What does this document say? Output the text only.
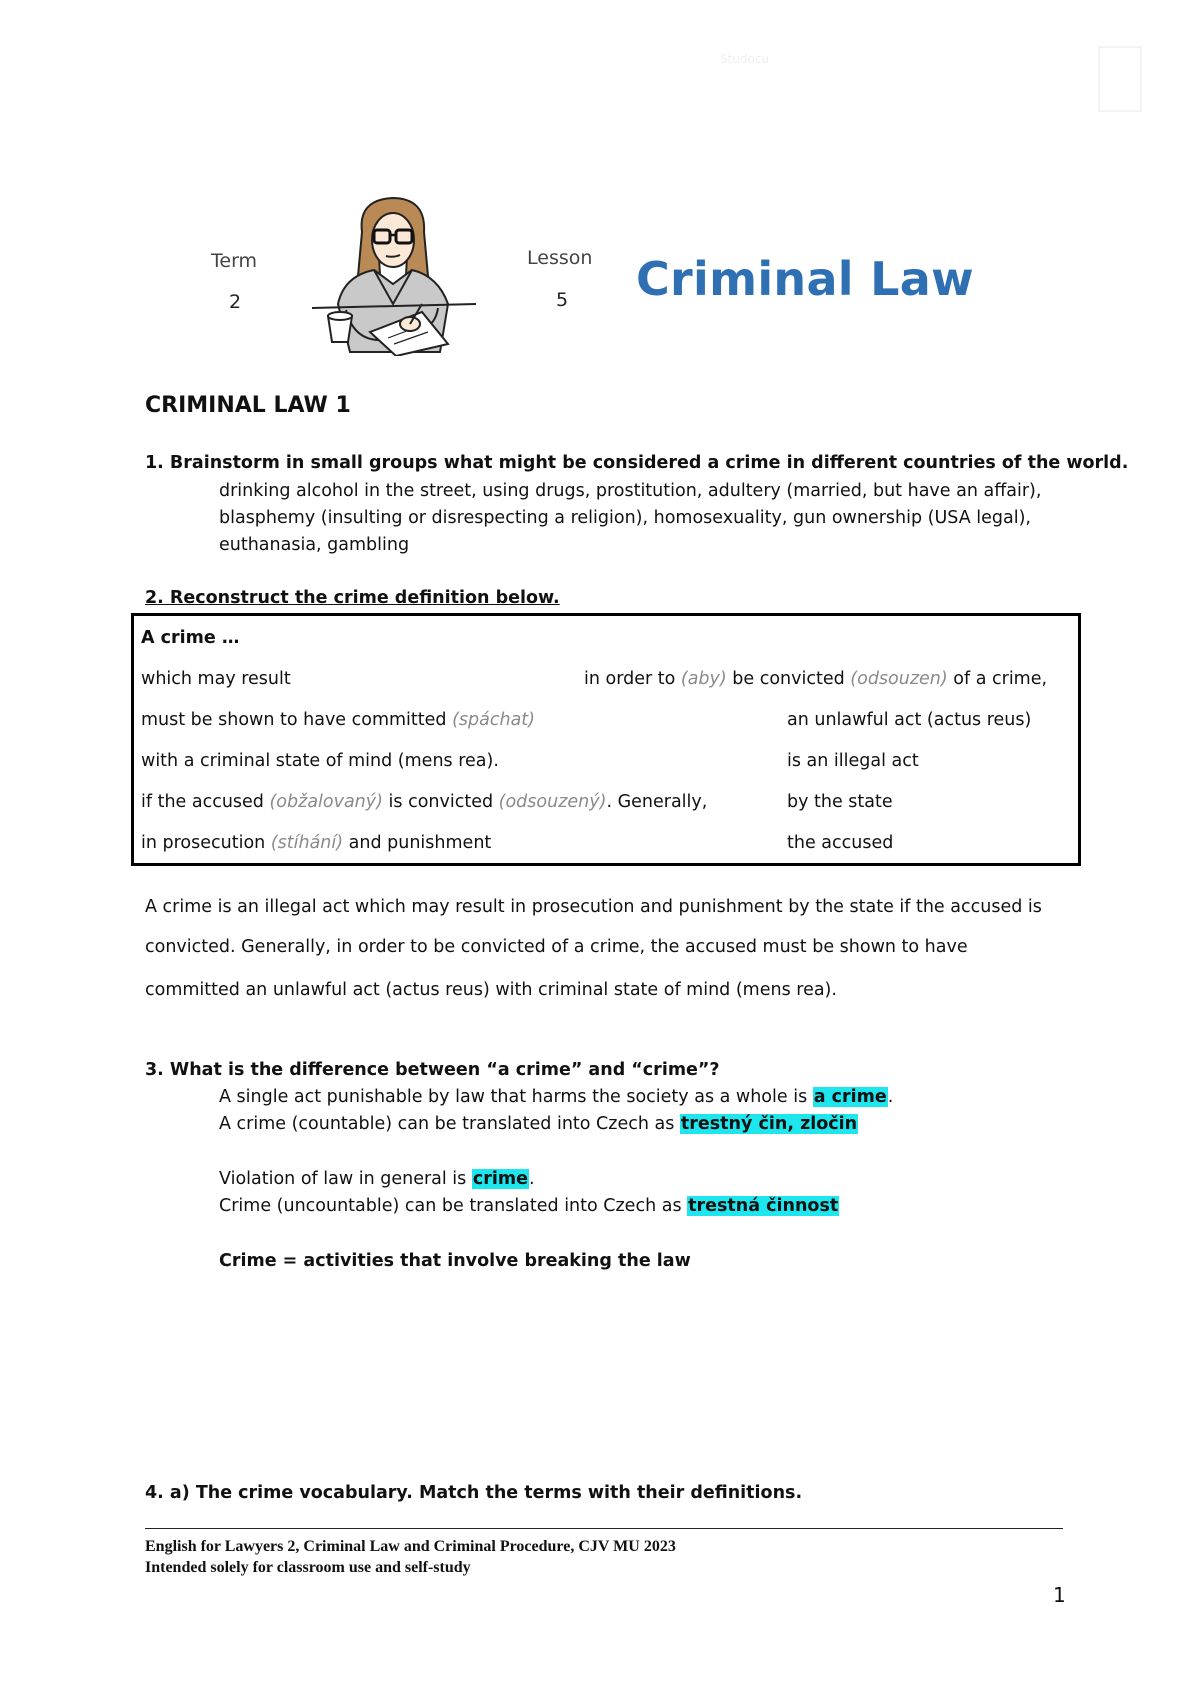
Studocu
Term
2
Lesson
5 Criminal Law
CRIMINAL LAW 1
1. Brainstorm in small groups what might be considered a crime in different countries of the world.
drinking alcohol in the street, using drugs, prostitution, adultery (married, but have an affair),
blasphemy (insulting or disrespecting a religion), homosexuality, gun ownership (USA legal),
euthanasia, gambling
2. Reconstruct the crime definition below.
A crime …
which may result	in order to (aby) be convicted (odsouzen) of a crime,
must be shown to have committed (spáchat)	an unlawful act (actus reus)
with a criminal state of mind (mens rea).	is an illegal act
if the accused (obžalovaný) is convicted (odsouzený). Generally,	by the state
in prosecution (stíhání) and punishment	the accused
A crime is an illegal act which may result in prosecution and punishment by the state if the accused is
convicted. Generally, in order to be convicted of a crime, the accused must be shown to have
committed an unlawful act (actus reus) with criminal state of mind (mens rea).
3. What is the difference between “a crime” and “crime”?
A single act punishable by law that harms the society as a whole is a crime.
A crime (countable) can be translated into Czech as trestný čin, zločin
Violation of law in general is crime.
Crime (uncountable) can be translated into Czech as trestná činnost
Crime = activities that involve breaking the law
4. a) The crime vocabulary. Match the terms with their definitions.
English for Lawyers 2, Criminal Law and Criminal Procedure, CJV MU 2023
Intended solely for classroom use and self-study
1
